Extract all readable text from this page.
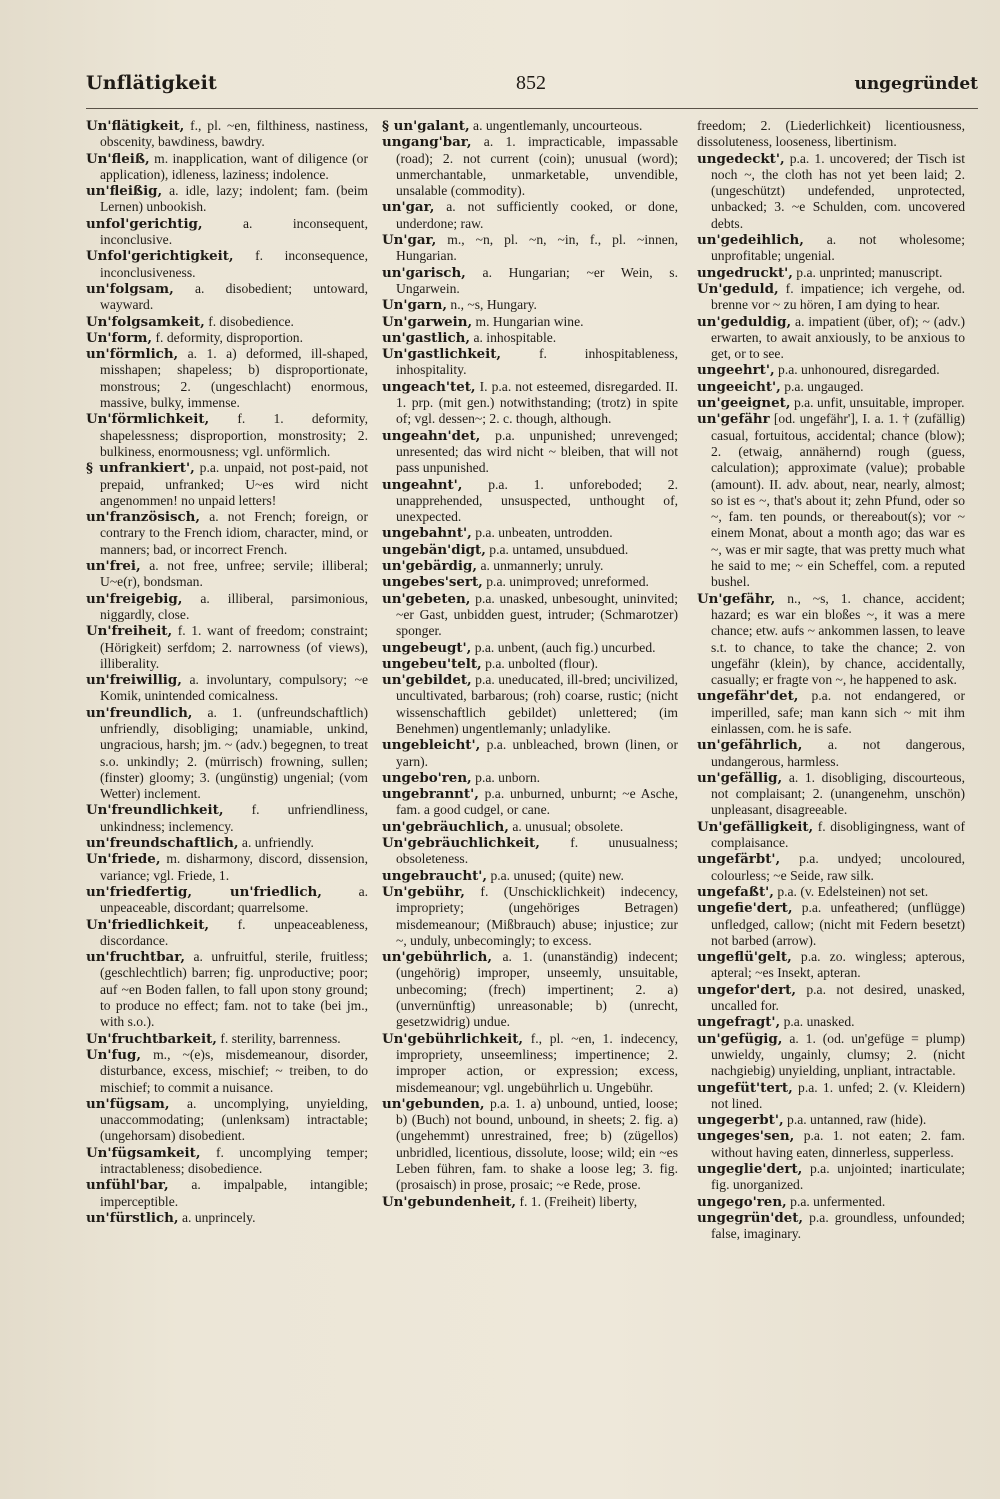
Unflätigkeit	852	ungegründet

Un'flätigkeit, f., pl. ~en, filthiness, nastiness, obscenity, bawdiness, bawdry.

Un'fleiß, m. inapplication, want of diligence (or application), idleness, laziness; indolence.

un'fleißig, a. idle, lazy; indolent; fam. (beim Lernen) unbookish.

unfol'gerichtig,	a. inconsequent, inconclusive.

Unfol'gerichtigkeit, f. inconsequence, inconclusiveness.

un'folgsam, a. disobedient; untoward, wayward.

Un'folgsamkeit, f. disobedience.

Un'form, f. deformity, disproportion.

un'förmlich, a. 1. a) deformed, ill-shaped, misshapen; shapeless; b) disproportionate, monstrous; 2. (ungeschlacht) enormous, massive, bulky, immense.

Un'förmlichkeit, f. 1. deformity, shapelessness; disproportion, monstrosity; 2. bulkiness, enormousness; vgl. unförmlich.

§ unfrankiert', p.a. unpaid, not post-paid, not prepaid, unfranked; U~es wird nicht angenommen! no unpaid letters!

un'französisch, a. not French; foreign, or contrary to the French idiom, character, mind, or manners; bad, or incorrect French.

un'frei, a. not free, unfree; servile; illiberal; U~e(r), bondsman.

un'freigebig, a. illiberal, parsimonious, niggardly, close.

Un'freiheit, f. 1. want of freedom; constraint; (Hörigkeit) serfdom; 2. narrowness (of views), illiberality.

un'freiwillig, a. involuntary, compulsory; ~e Komik, unintended comicalness.

un'freundlich, a. 1. (unfreundschaftlich) unfriendly, disobliging; unamiable, unkind, ungracious, harsh; jm. ~ (adv.) begegnen, to treat s.o. unkindly; 2. (mürrisch) frowning, sullen; (finster) gloomy; 3. (ungünstig) ungenial; (vom Wetter) inclement.

Un'freundlichkeit, f. unfriendliness, unkindness; inclemency.

un'freundschaftlich, a. unfriendly.

Un'friede, m. disharmony, discord, dissension, variance; vgl. Friede, 1.

un'friedfertig, un'friedlich,	a. unpeaceable, discordant; quarrelsome.

Un'friedlichkeit, f. unpeaceableness, discordance.

un'fruchtbar, a. unfruitful, sterile, fruitless; (geschlechtlich) barren; fig. unproductive; poor; auf ~en Boden fallen, to fall upon stony ground; to produce no effect; fam. not to take (bei jm., with s.o.).

Un'fruchtbarkeit, f. sterility, barrenness.

Un'fug, m., ~(e)s, misdemeanour, disorder, disturbance, excess, mischief; ~ treiben, to do mischief; to commit a nuisance.

un'fügsam, a. uncomplying, unyielding, unaccommodating; (unlenksam) intractable; (ungehorsam) disobedient.

Un'fügsamkeit, f. uncomplying temper; intractableness; disobedience.

unfühl'bar, a. impalpable, intangible; imperceptible.

un'fürstlich, a. unprincely.

§ un'galant, a. ungentlemanly, uncourteous.

ungang'bar, a. 1. impracticable, impassable (road); 2. not current (coin); unusual (word); unmerchantable, unmarketable, unvendible, unsalable (commodity).

un'gar, a. not sufficiently cooked, or done, underdone; raw.

Un'gar, m., ~n, pl. ~n, ~in, f., pl. ~innen, Hungarian.

un'garisch, a. Hungarian; ~er Wein, s. Ungarwein.

Un'garn, n., ~s, Hungary.

Un'garwein, m. Hungarian wine.

un'gastlich, a. inhospitable.

Un'gastlichkeit,	f. inhospitableness, inhospitality.

ungeach'tet, I. p.a. not esteemed, disregarded. II. 1. prp. (mit gen.) notwithstanding; (trotz) in spite of; vgl. dessen~; 2. c. though, although.

ungeahn'det, p.a. unpunished; unrevenged; unresented; das wird nicht ~ bleiben, that will not pass unpunished.

ungeahnt', p.a. 1. unforeboded; 2. unapprehended, unsuspected, unthought of, unexpected.

ungebahnt', p.a. unbeaten, untrodden.

ungebän'digt, p.a. untamed, unsubdued.

un'gebärdig, a. unmannerly; unruly.

ungebes'sert, p.a. unimproved; unreformed.

un'gebeten, p.a. unasked, unbesought, uninvited; ~er Gast, unbidden guest, intruder; (Schmarotzer) sponger.

ungebeugt', p.a. unbent, (auch fig.) uncurbed.

ungebeu'telt, p.a. unbolted (flour).

un'gebildet, p.a. uneducated, ill-bred; uncivilized, uncultivated, barbarous; (roh) coarse, rustic; (nicht wissenschaftlich gebildet) unlettered; (im Benehmen) ungentlemanly; unladylike.

ungebleicht', p.a. unbleached, brown (linen, or yarn).

ungebo'ren, p.a. unborn.

ungebrannt', p.a. unburned, unburnt; ~e Asche, fam. a good cudgel, or cane.

un'gebräuchlich, a. unusual; obsolete.

Un'gebräuchlichkeit, f. unusualness; obsoleteness.

ungebraucht', p.a. unused; (quite) new.

Un'gebühr, f. (Unschicklichkeit) indecency, impropriety; (ungehöriges Betragen) misdemeanour; (Mißbrauch) abuse; injustice; zur ~, unduly, unbecomingly; to excess.

un'gebührlich, a. 1. (unanständig) indecent; (ungehörig) improper, unseemly, unsuitable, unbecoming; (frech) impertinent; 2. a) (unvernünftig) unreasonable; b) (unrecht, gesetzwidrig) undue.

Un'gebührlichkeit, f., pl. ~en, 1. indecency, impropriety, unseemliness; impertinence; 2. improper action, or expression; excess, misdemeanour; vgl. ungebührlich u. Ungebühr.

un'gebunden, p.a. 1. a) unbound, untied, loose; b) (Buch) not bound, unbound, in sheets; 2. fig. a) (ungehemmt) unrestrained, free; b) (zügellos) unbridled, licentious, dissolute, loose; wild; ein ~es Leben führen, fam. to shake a loose leg; 3. fig. (prosaisch) in prose, prosaic; ~e Rede, prose.

Un'gebundenheit, f. 1. (Freiheit) liberty,

freedom; 2. (Liederlichkeit) licentiousness, dissoluteness, looseness, libertinism.

ungedeckt', p.a. 1. uncovered; der Tisch ist noch ~, the cloth has not yet been laid; 2. (ungeschützt) undefended, unprotected, unbacked; 3. ~e Schulden, com. uncovered debts.

un'gedeihlich, a. not wholesome; unprofitable; ungenial.

ungedruckt', p.a. unprinted; manuscript.

Un'geduld, f. impatience; ich vergehe, od. brenne vor ~ zu hören, I am dying to hear.

un'geduldig, a. impatient (über, of); ~ (adv.) erwarten, to await anxiously, to be anxious to get, or to see.

ungeehrt', p.a. unhonoured, disregarded.

ungeeicht', p.a. ungauged.

un'geeignet, p.a. unfit, unsuitable, improper.

un'gefähr [od. ungefähr'], I. a. 1. † (zufällig) casual, fortuitous, accidental; chance (blow); 2. (etwaig, annähernd) rough (guess, calculation); approximate (value); probable (amount). II. adv. about, near, nearly, almost; so ist es ~, that's about it; zehn Pfund, oder so ~, fam. ten pounds, or thereabout(s); vor ~ einem Monat, about a month ago; das war es ~, was er mir sagte, that was pretty much what he said to me; ~ ein Scheffel, com. a reputed bushel.

Un'gefähr, n., ~s, 1. chance, accident; hazard; es war ein bloßes ~, it was a mere chance; etw. aufs ~ ankommen lassen, to leave s.t. to chance, to take the chance; 2. von ungefähr (klein), by chance, accidentally, casually; er fragte von ~, he happened to ask.

ungefähr'det, p.a. not endangered, or imperilled, safe; man kann sich ~ mit ihm einlassen, com. he is safe.

un'gefährlich, a. not dangerous, undangerous, harmless.

un'gefällig, a. 1. disobliging, discourteous, not complaisant; 2. (unangenehm, unschön) unpleasant, disagreeable.

Un'gefälligkeit, f. disobligingness, want of complaisance.

ungefärbt', p.a. undyed; uncoloured, colourless; ~e Seide, raw silk.

ungefaßt', p.a. (v. Edelsteinen) not set.

ungefie'dert, p.a. unfeathered; (unflügge) unfledged, callow; (nicht mit Federn besetzt) not barbed (arrow).

ungeflü'gelt, p.a. zo. wingless; apterous, apteral; ~es Insekt, apteran.

ungefor'dert, p.a. not desired, unasked, uncalled for.

ungefragt', p.a. unasked.

un'gefügig, a. 1. (od. un'gefüge = plump) unwieldy, ungainly, clumsy; 2. (nicht nachgiebig) unyielding, unpliant, intractable.

ungefüt'tert, p.a. 1. unfed; 2. (v. Kleidern) not lined.

ungegerbt', p.a. untanned, raw (hide).

ungeges'sen, p.a. 1. not eaten; 2. fam. without having eaten, dinnerless, supperless.

ungeglie'dert, p.a. unjointed; inarticulate; fig. unorganized.

ungego'ren, p.a. unfermented.

ungegrün'det, p.a. groundless, unfounded; false, imaginary.
